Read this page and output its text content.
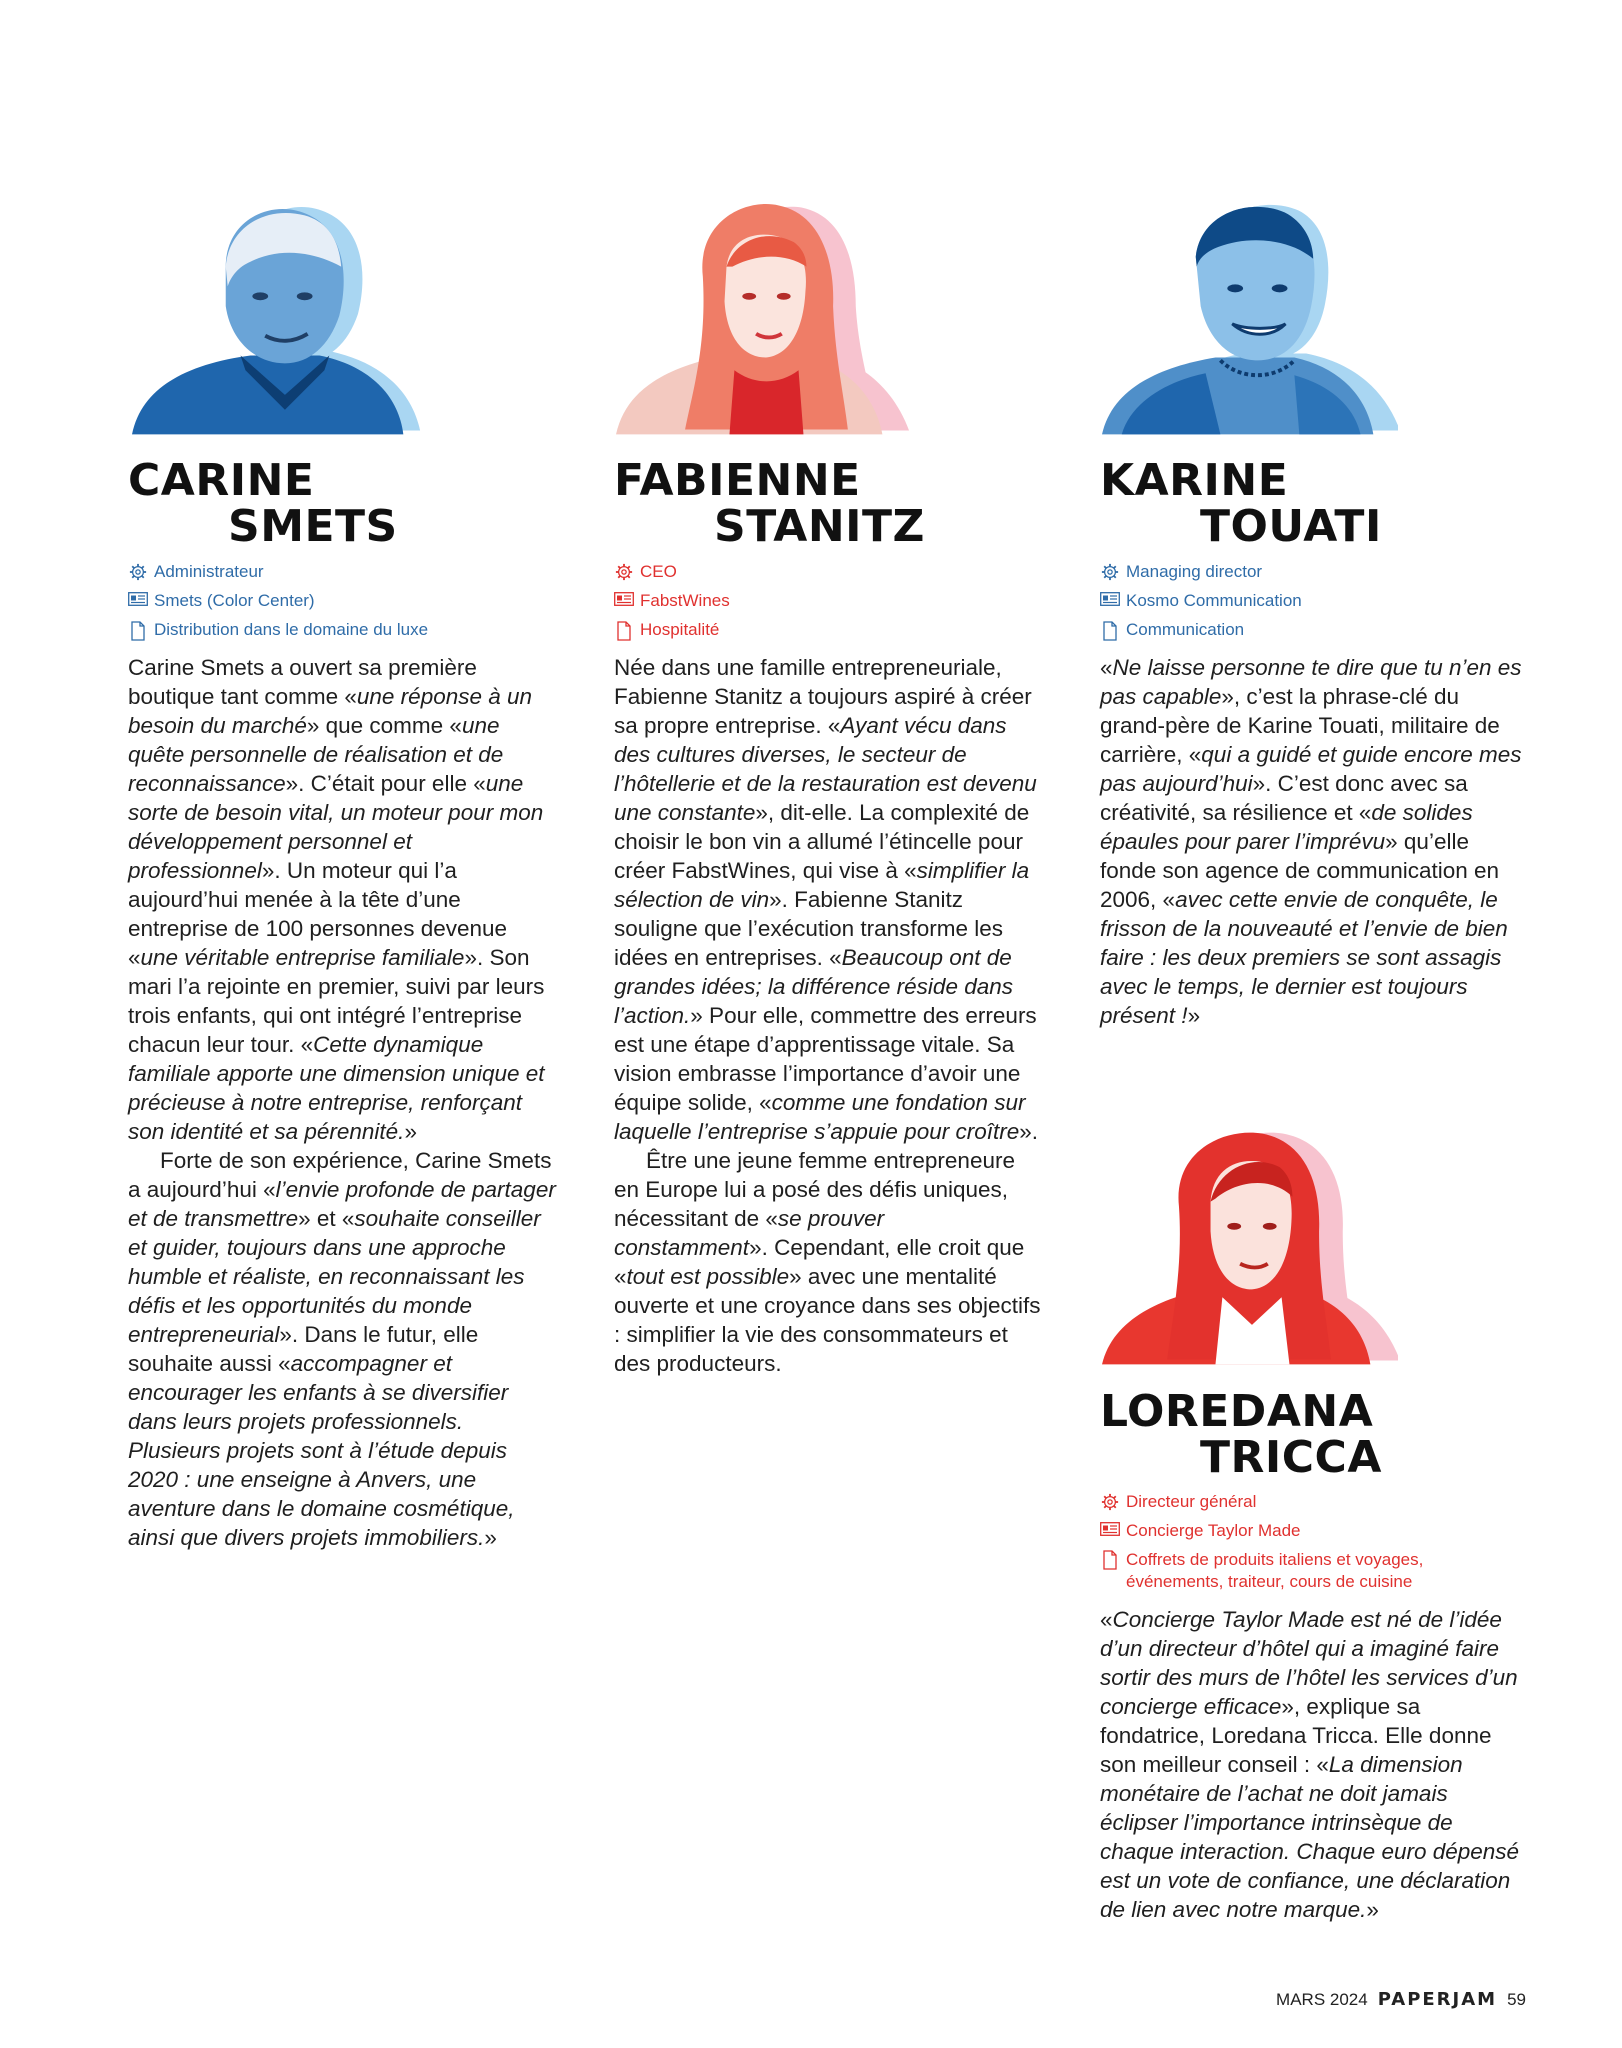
CARINE
SMETS
Administrateur
Smets (Color Center)
Distribution dans le domaine du luxe

Carine Smets a ouvert sa première boutique tant comme «une réponse à un besoin du marché» que comme «une quête personnelle de réalisation et de reconnaissance». C’était pour elle «une sorte de besoin vital, un moteur pour mon développement personnel et professionnel». Un moteur qui l’a aujourd’hui menée à la tête d’une entreprise de 100 personnes devenue «une véritable entreprise familiale». Son mari l’a rejointe en premier, suivi par leurs trois enfants, qui ont intégré l’entreprise chacun leur tour. «Cette dynamique familiale apporte une dimension unique et précieuse à notre entreprise, renforçant son identité et sa pérennité.»

Forte de son expérience, Carine Smets a aujourd’hui «l’envie profonde de partager et de transmettre» et «souhaite conseiller et guider, toujours dans une approche humble et réaliste, en reconnaissant les défis et les opportunités du monde entrepreneurial». Dans le futur, elle souhaite aussi «accompagner et encourager les enfants à se diversifier dans leurs projets professionnels. Plusieurs projets sont à l’étude depuis 2020 : une enseigne à Anvers, une aventure dans le domaine cosmétique, ainsi que divers projets immobiliers.»

FABIENNE
STANITZ
CEO
FabstWines
Hospitalité

Née dans une famille entrepreneuriale, Fabienne Stanitz a toujours aspiré à créer sa propre entreprise. «Ayant vécu dans des cultures diverses, le secteur de l’hôtellerie et de la restauration est devenu une constante», dit-elle. La complexité de choisir le bon vin a allumé l’étincelle pour créer FabstWines, qui vise à «simplifier la sélection de vin». Fabienne Stanitz souligne que l’exécution transforme les idées en entreprises. «Beaucoup ont de grandes idées; la différence réside dans l’action.» Pour elle, commettre des erreurs est une étape d’apprentissage vitale. Sa vision embrasse l’importance d’avoir une équipe solide, «comme une fondation sur laquelle l’entreprise s’appuie pour croître».

Être une jeune femme entrepreneure en Europe lui a posé des défis uniques, nécessitant de «se prouver constamment». Cependant, elle croit que «tout est possible» avec une mentalité ouverte et une croyance dans ses objectifs : simplifier la vie des consommateurs et des producteurs.

KARINE
TOUATI
Managing director
Kosmo Communication
Communication

«Ne laisse personne te dire que tu n’en es pas capable», c’est la phrase-clé du grand-père de Karine Touati, militaire de carrière, «qui a guidé et guide encore mes pas aujourd’hui». C’est donc avec sa créativité, sa résilience et «de solides épaules pour parer l’imprévu» qu’elle fonde son agence de communication en 2006, «avec cette envie de conquête, le frisson de la nouveauté et l’envie de bien faire : les deux premiers se sont assagis avec le temps, le dernier est toujours présent !»

LOREDANA
TRICCA
Directeur général
Concierge Taylor Made
Coffrets de produits italiens et voyages, événements, traiteur, cours de cuisine

«Concierge Taylor Made est né de l’idée d’un directeur d’hôtel qui a imaginé faire sortir des murs de l’hôtel les services d’un concierge efficace», explique sa fondatrice, Loredana Tricca. Elle donne son meilleur conseil : «La dimension monétaire de l’achat ne doit jamais éclipser l’importance intrinsèque de chaque interaction. Chaque euro dépensé est un vote de confiance, une déclaration de lien avec notre marque.»

MARS 2024 PAPERJAM 59
